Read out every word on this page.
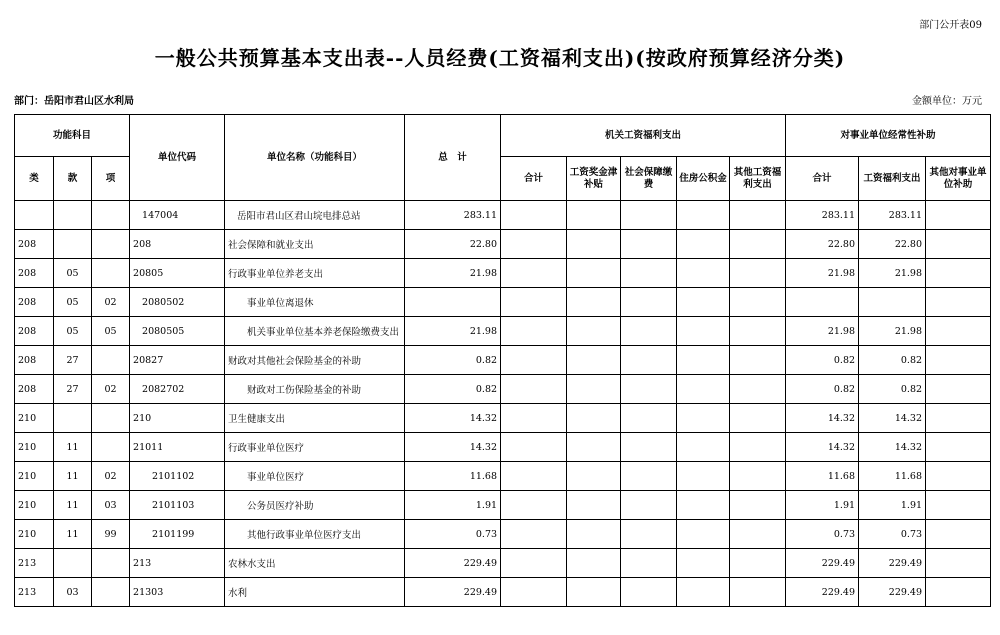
部门公开表09
一般公共预算基本支出表--人员经费(工资福利支出)(按政府预算经济分类)
部门：岳阳市君山区水利局	金额单位：万元
功能科目			单位代码	单位名称（功能科目）	总　计	机关工资福利支出					对事业单位经常性补助		
类	款	项				合计	工资奖金津补贴	社会保障缴费	住房公积金	其他工资福利支出	合计	工资福利支出	其他对事业单位补助
			147004	岳阳市君山区君山垸电排总站	283.11						283.11	283.11	
208			208	社会保障和就业支出	22.80						22.80	22.80	
208	05		20805	行政事业单位养老支出	21.98						21.98	21.98	
208	05	02	2080502	事业单位离退休									
208	05	05	2080505	机关事业单位基本养老保险缴费支出	21.98						21.98	21.98	
208	27		20827	财政对其他社会保险基金的补助	0.82						0.82	0.82	
208	27	02	2082702	财政对工伤保险基金的补助	0.82						0.82	0.82	
210			210	卫生健康支出	14.32						14.32	14.32	
210	11		21011	行政事业单位医疗	14.32						14.32	14.32	
210	11	02	2101102	事业单位医疗	11.68						11.68	11.68	
210	11	03	2101103	公务员医疗补助	1.91						1.91	1.91	
210	11	99	2101199	其他行政事业单位医疗支出	0.73						0.73	0.73	
213			213	农林水支出	229.49						229.49	229.49	
213	03		21303	水利	229.49						229.49	229.49	
